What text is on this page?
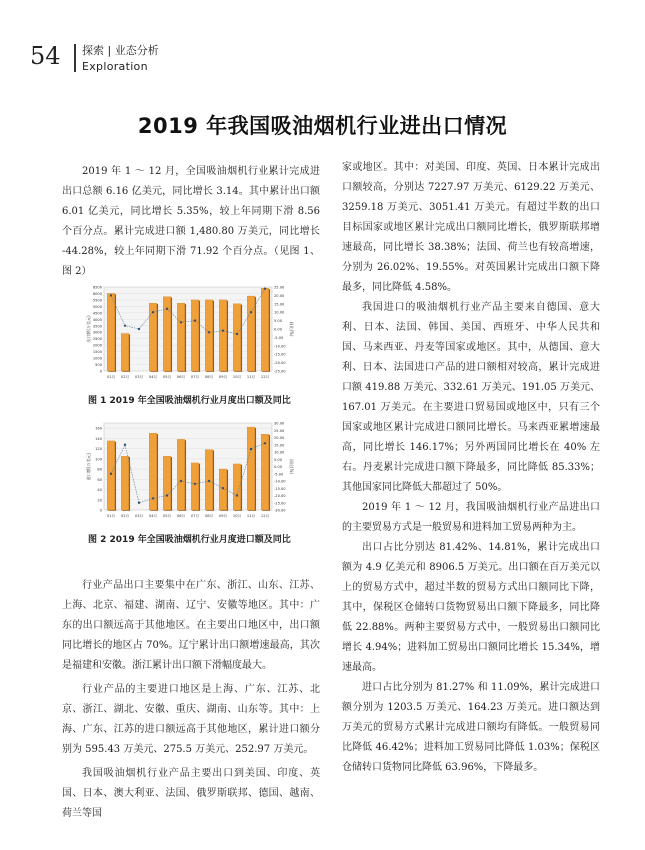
54 探索 | 业态分析
Exploration
2019 年我国吸油烟机行业进出口情况

2019 年 1 ～ 12 月，全国吸油烟机行业累计完成进出口总额 6.16 亿美元，同比增长 3.14。其中累计出口额 6.01 亿美元，同比增长 5.35%，较上年同期下滑 8.56 个百分点。累计完成进口额 1,480.80 万美元，同比增长 -44.28%，较上年同期下滑 71.92 个百分点。（见图 1、图 2）

6500
6000
5500
5000
4500
4000
3500
3000
2500
2000
1500
1000
500
0
25.00
20.00
15.00
10.00
5.00
0.00
-5.00
-10.00
-15.00
-20.00
-25.00
出口额(万美元)	同比(%)
01月 02月 03月 04月 05月 06月 07月 08月 09月 10月 11月 12月
图 1 2019 年全国吸油烟机行业月度出口额及同比
160
140
120
100
80
60
40
20
0
30.00
25.00
20.00
15.00
10.00
5.00
0.00
-5.00
-10.00
-15.00
-20.00
-25.00
-30.00
进口额(万美元)	同比(%)
01月 02月 03月 04月 05月 06月 07月 08月 09月 10月 11月 12月
图 2 2019 年全国吸油烟机行业月度进口额及同比

行业产品出口主要集中在广东、浙江、山东、江苏、上海、北京、福建、湖南、辽宁、安徽等地区。其中：广东的出口额远高于其他地区。在主要出口地区中，出口额同比增长的地区占 70%。辽宁累计出口额增速最高，其次是福建和安徽。浙江累计出口额下滑幅度最大。

行业产品的主要进口地区是上海、广东、江苏、北京、浙江、湖北、安徽、重庆、湖南、山东等。其中：上海、广东、江苏的进口额远高于其他地区，累计进口额分别为 595.43 万美元、275.5 万美元、252.97 万美元。

我国吸油烟机行业产品主要出口到美国、印度、英国、日本、澳大利亚、法国、俄罗斯联邦、德国、越南、荷兰等国

家或地区。其中：对美国、印度、英国、日本累计完成出口额较高，分别达 7227.97 万美元、6129.22 万美元、3259.18 万美元、3051.41 万美元。有超过半数的出口目标国家或地区累计完成出口额同比增长，俄罗斯联邦增速最高，同比增长 38.38%；法国、荷兰也有较高增速，分别为 26.02%、19.55%。对英国累计完成出口额下降最多，同比降低 4.58%。

我国进口的吸油烟机行业产品主要来自德国、意大利、日本、法国、韩国、美国、西班牙、中华人民共和国、马来西亚、丹麦等国家或地区。其中，从德国、意大利、日本、法国进口产品的进口额相对较高，累计完成进口额 419.88 万美元、332.61 万美元、191.05 万美元、167.01 万美元。在主要进口贸易国或地区中，只有三个国家或地区累计完成进口额同比增长。马来西亚累增速最高，同比增长 146.17%；另外两国同比增长在 40% 左右。丹麦累计完成进口额下降最多，同比降低 85.33%；其他国家同比降低大都超过了 50%。

2019 年 1 ～ 12 月，我国吸油烟机行业产品进出口的主要贸易方式是一般贸易和进料加工贸易两种为主。

出口占比分别达 81.42%、14.81%，累计完成出口额为 4.9 亿美元和 8906.5 万美元。出口额在百万美元以上的贸易方式中，超过半数的贸易方式出口额同比下降，其中，保税区仓储转口货物贸易出口额下降最多，同比降低 22.88%。两种主要贸易方式中，一般贸易出口额同比增长 4.94%；进料加工贸易出口额同比增长 15.34%，增速最高。

进口占比分别为 81.27% 和 11.09%，累计完成进口额分别为 1203.5 万美元、164.23 万美元。进口额达到万美元的贸易方式累计完成进口额均有降低。一般贸易同比降低 46.42%；进料加工贸易同比降低 1.03%；保税区仓储转口货物同比降低 63.96%，下降最多。
